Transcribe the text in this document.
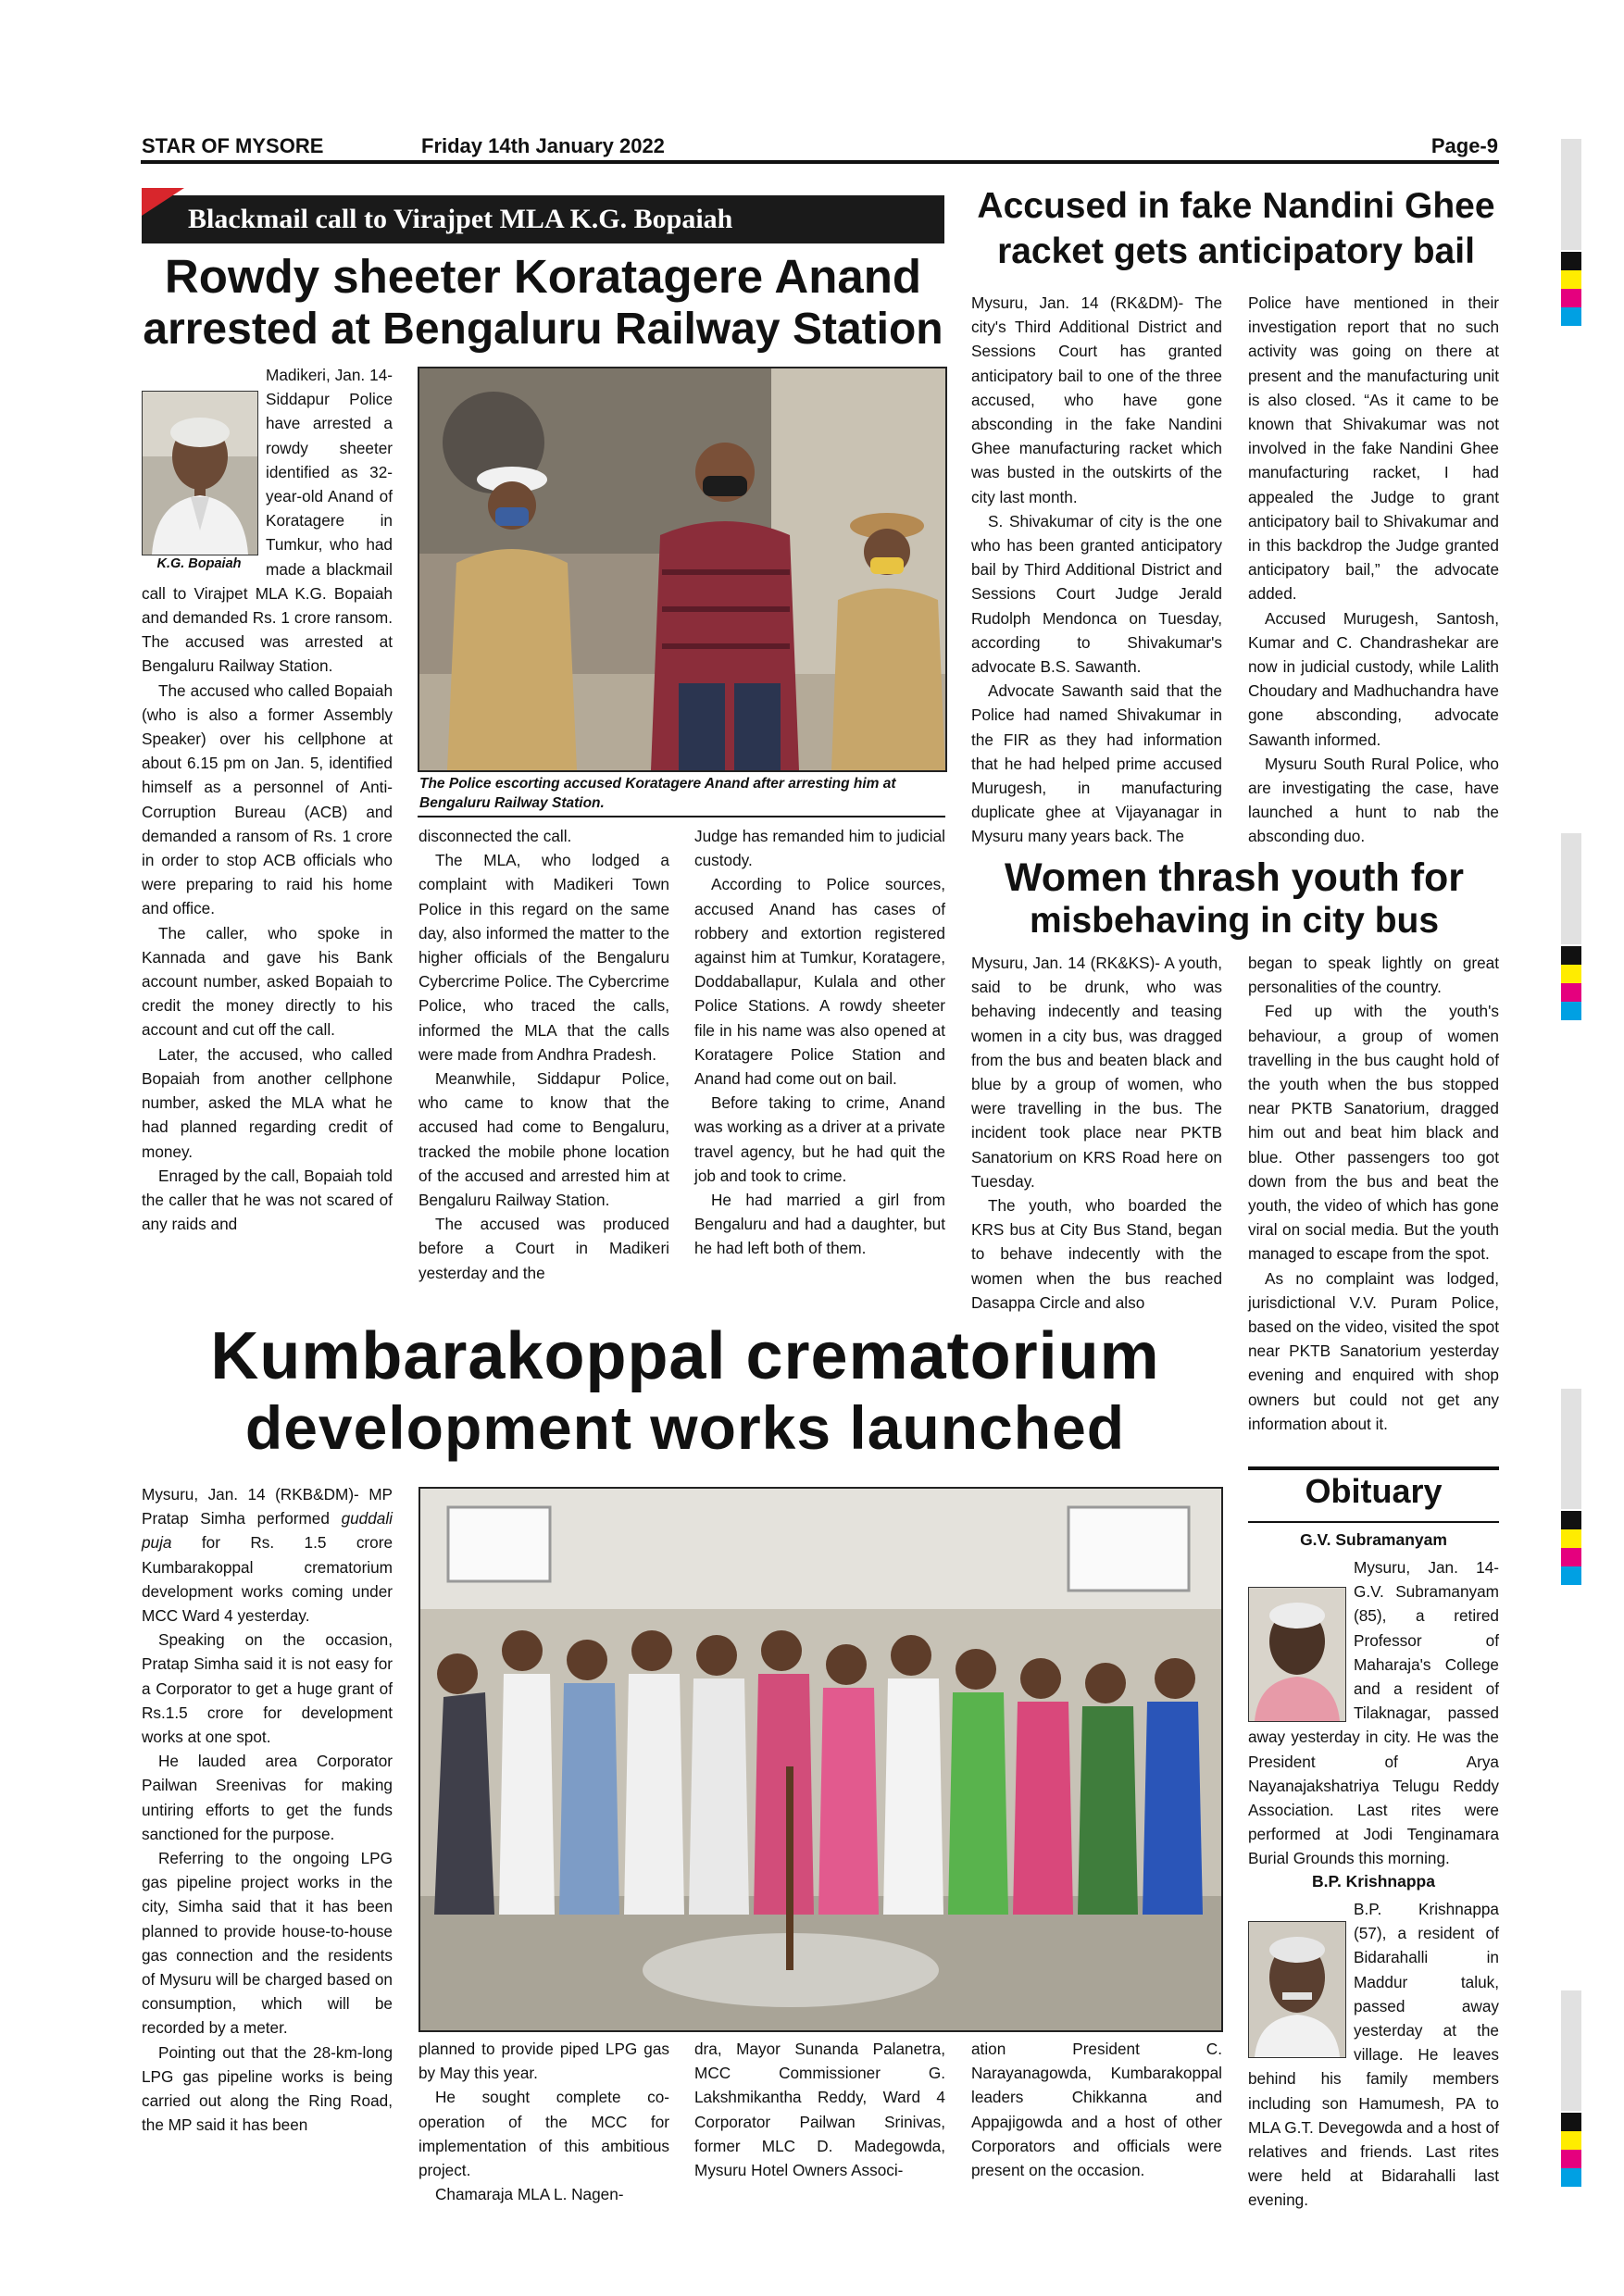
STAR OF MYSORE	Friday 14th January 2022	Page-9
Blackmail call to Virajpet MLA K.G. Bopaiah
Rowdy sheeter Koratagere Anand
arrested at Bengaluru Railway Station
K.G. Bopaiah

Madikeri, Jan. 14- Siddapur Police have arrested a rowdy sheeter identified as 32-year-old Anand of Koratagere in Tumkur, who had made a blackmail call to Virajpet MLA K.G. Bopaiah and demanded Rs. 1 crore ransom. The accused was arrested at Bengaluru Railway Station.

The accused who called Bopaiah (who is also a former Assembly Speaker) over his cellphone at about 6.15 pm on Jan. 5, identified himself as a personnel of Anti-Corruption Bureau (ACB) and demanded a ransom of Rs. 1 crore in order to stop ACB officials who were preparing to raid his home and office.

The caller, who spoke in Kannada and gave his Bank account number, asked Bopaiah to credit the money directly to his account and cut off the call.

Later, the accused, who called Bopaiah from another cellphone number, asked the MLA what he had planned regarding credit of money.

Enraged by the call, Bopaiah told the caller that he was not scared of any raids and

The Police escorting accused Koratagere Anand after arresting him at Bengaluru Railway Station.

disconnected the call.

The MLA, who lodged a complaint with Madikeri Town Police in this regard on the same day, also informed the matter to the higher officials of the Bengaluru Cybercrime Police. The Cybercrime Police, who traced the calls, informed the MLA that the calls were made from Andhra Pradesh.

Meanwhile, Siddapur Police, who came to know that the accused had come to Bengaluru, tracked the mobile phone location of the accused and arrested him at Bengaluru Railway Station.

The accused was produced before a Court in Madikeri yesterday and the

Judge has remanded him to judicial custody.

According to Police sources, accused Anand has cases of robbery and extortion registered against him at Tumkur, Koratagere, Doddaballapur, Kulala and other Police Stations. A rowdy sheeter file in his name was also opened at Koratagere Police Station and Anand had come out on bail.

Before taking to crime, Anand was working as a driver at a private travel agency, but he had quit the job and took to crime.

He had married a girl from Bengaluru and had a daughter, but he had left both of them.

Accused in fake Nandini Ghee
racket gets anticipatory bail

Mysuru, Jan. 14 (RK&DM)- The city's Third Additional District and Sessions Court has granted anticipatory bail to one of the three accused, who have gone absconding in the fake Nandini Ghee manufacturing racket which was busted in the outskirts of the city last month.

S. Shivakumar of city is the one who has been granted anticipatory bail by Third Additional District and Sessions Court Judge Jerald Rudolph Mendonca on Tuesday, according to Shivakumar's advocate B.S. Sawanth.

Advocate Sawanth said that the Police had named Shivakumar in the FIR as they had information that he had helped prime accused Murugesh, in manufacturing duplicate ghee at Vijayanagar in Mysuru many years back. The

Police have mentioned in their investigation report that no such activity was going on there at present and the manufacturing unit is also closed. “As it came to be known that Shivakumar was not involved in the fake Nandini Ghee manufacturing racket, I had appealed the Judge to grant anticipatory bail to Shivakumar and in this backdrop the Judge granted anticipatory bail,” the advocate added.

Accused Murugesh, Santosh, Kumar and C. Chandrashekar are now in judicial custody, while Lalith Choudary and Madhuchandra have gone absconding, advocate Sawanth informed.

Mysuru South Rural Police, who are investigating the case, have launched a hunt to nab the absconding duo.

Women thrash youth for
misbehaving in city bus

Mysuru, Jan. 14 (RK&KS)- A youth, said to be drunk, who was behaving indecently and teasing women in a city bus, was dragged from the bus and beaten black and blue by a group of women, who were travelling in the bus. The incident took place near PKTB Sanatorium on KRS Road here on Tuesday.

The youth, who boarded the KRS bus at City Bus Stand, began to behave indecently with the women when the bus reached Dasappa Circle and also

began to speak lightly on great personalities of the country.

Fed up with the youth's behaviour, a group of women travelling in the bus caught hold of the youth when the bus stopped near PKTB Sanatorium, dragged him out and beat him black and blue. Other passengers too got down from the bus and beat the youth, the video of which has gone viral on social media. But the youth managed to escape from the spot.

As no complaint was lodged, jurisdictional V.V. Puram Police, based on the video, visited the spot near PKTB Sanatorium yesterday evening and enquired with shop owners but could not get any information about it.

Kumbarakoppal crematorium
development works launched

Mysuru, Jan. 14 (RKB&DM)- MP Pratap Simha performed guddali puja for Rs. 1.5 crore Kumbarakoppal crematorium development works coming under MCC Ward 4 yesterday.

Speaking on the occasion, Pratap Simha said it is not easy for a Corporator to get a huge grant of Rs.1.5 crore for development works at one spot.

He lauded area Corporator Pailwan Sreenivas for making untiring efforts to get the funds sanctioned for the purpose.

Referring to the ongoing LPG gas pipeline project works in the city, Simha said that it has been planned to provide house-to-house gas connection and the residents of Mysuru will be charged based on consumption, which will be recorded by a meter.

Pointing out that the 28-km-long LPG gas pipeline works is being carried out along the Ring Road, the MP said it has been

planned to provide piped LPG gas by May this year.

He sought complete co-operation of the MCC for implementation of this ambitious project.

Chamaraja MLA L. Nagen-

dra, Mayor Sunanda Palanetra, MCC Commissioner G. Lakshmikantha Reddy, Ward 4 Corporator Pailwan Srinivas, former MLC D. Madegowda, Mysuru Hotel Owners Associ-

ation President C. Narayanagowda, Kumbarakoppal leaders Chikkanna and Appajigowda and a host of other Corporators and officials were present on the occasion.

Obituary
G.V. Subramanyam

Mysuru, Jan. 14- G.V. Subramanyam (85), a retired Professor of Maharaja's College and a resident of Tilaknagar, passed away yesterday in city. He was the President of Arya Nayanajakshatriya Telugu Reddy Association. Last rites were performed at Jodi Tenginamara Burial Grounds this morning.

B.P. Krishnappa

B.P. Krishnappa (57), a resident of Bidarahalli in Maddur taluk, passed away yesterday at the village. He leaves behind his family members including son Hamumesh, PA to MLA G.T. Devegowda and a host of relatives and friends. Last rites were held at Bidarahalli last evening.
